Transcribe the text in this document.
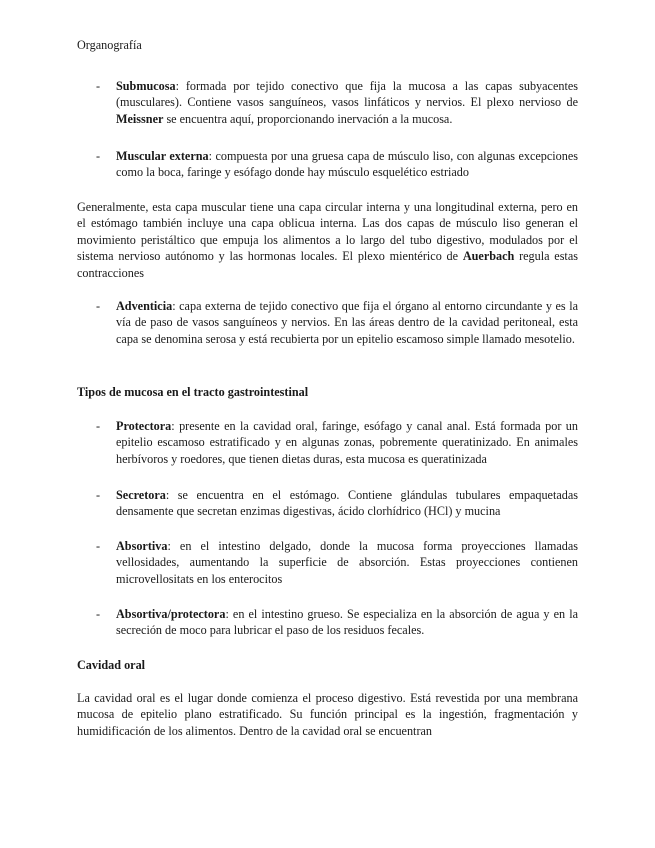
Organografía
-	Submucosa: formada por tejido conectivo que fija la mucosa a las capas subyacentes (musculares). Contiene vasos sanguíneos, vasos linfáticos y nervios. El plexo nervioso de Meissner se encuentra aquí, proporcionando inervación a la mucosa.
-	Muscular externa: compuesta por una gruesa capa de músculo liso, con algunas excepciones como la boca, faringe y esófago donde hay músculo esquelético estriado
Generalmente, esta capa muscular tiene una capa circular interna y una longitudinal externa, pero en el estómago también incluye una capa oblicua interna. Las dos capas de músculo liso generan el movimiento peristáltico que empuja los alimentos a lo largo del tubo digestivo, modulados por el sistema nervioso autónomo y las hormonas locales. El plexo mientérico de Auerbach regula estas contracciones
-	Adventicia: capa externa de tejido conectivo que fija el órgano al entorno circundante y es la vía de paso de vasos sanguíneos y nervios. En las áreas dentro de la cavidad peritoneal, esta capa se denomina serosa y está recubierta por un epitelio escamoso simple llamado mesotelio.
Tipos de mucosa en el tracto gastrointestinal
-	Protectora: presente en la cavidad oral, faringe, esófago y canal anal. Está formada por un epitelio escamoso estratificado y en algunas zonas, pobremente queratinizado. En animales herbívoros y roedores, que tienen dietas duras, esta mucosa es queratinizada
-	Secretora: se encuentra en el estómago. Contiene glándulas tubulares empaquetadas densamente que secretan enzimas digestivas, ácido clorhídrico (HCl) y mucina
-	Absortiva: en el intestino delgado, donde la mucosa forma proyecciones llamadas vellosidades, aumentando la superficie de absorción. Estas proyecciones contienen microvellositats en los enterocitos
-	Absortiva/protectora: en el intestino grueso. Se especializa en la absorción de agua y en la secreción de moco para lubricar el paso de los residuos fecales.
Cavidad oral
La cavidad oral es el lugar donde comienza el proceso digestivo. Está revestida por una membrana mucosa de epitelio plano estratificado. Su función principal es la ingestión, fragmentación y humidificación de los alimentos. Dentro de la cavidad oral se encuentran
